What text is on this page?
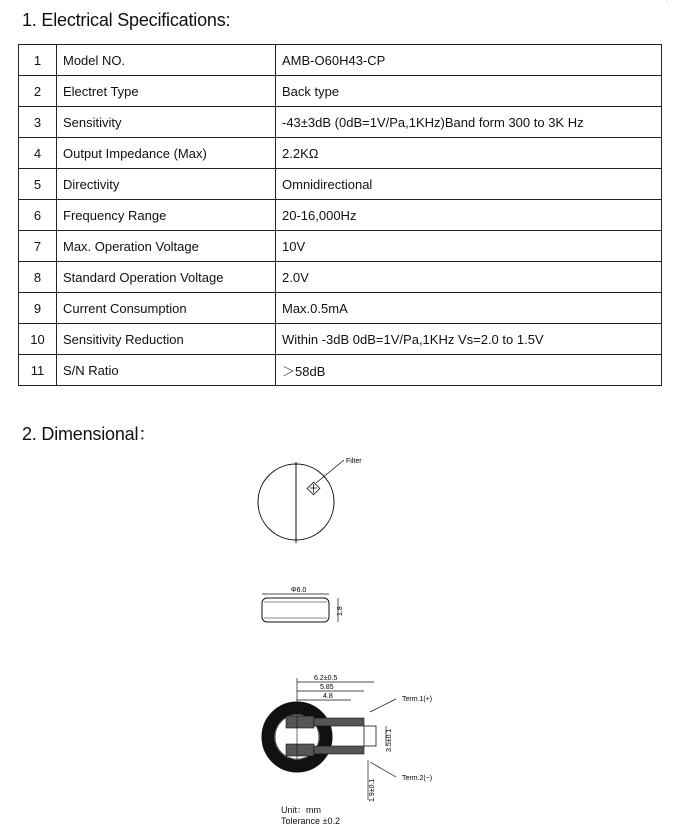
1. Electrical Specifications:
˙
1	Model NO.	AMB-O60H43-CP
2	Electret Type	Back type
3	Sensitivity	-43±3dB (0dB=1V/Pa,1KHz)Band form 300 to 3K Hz
4	Output Impedance (Max)	2.2KΩ
5	Directivity	Omnidirectional
6	Frequency Range	20-16,000Hz
7	Max. Operation Voltage	10V
8	Standard Operation Voltage	2.0V
9	Current Consumption	Max.0.5mA
10	Sensitivity Reduction	Within -3dB 0dB=1V/Pa,1KHz Vs=2.0 to 1.5V
11	S/N Ratio	＞58dB
2. Dimensional：
Filter
Φ6.0
1.8
6.2±0.5
5.85
4.8	Term.1(+)
Term.2(−)
3.5±0.1
1.9±0.1
Unit：mm
Tolerance ±0.2
